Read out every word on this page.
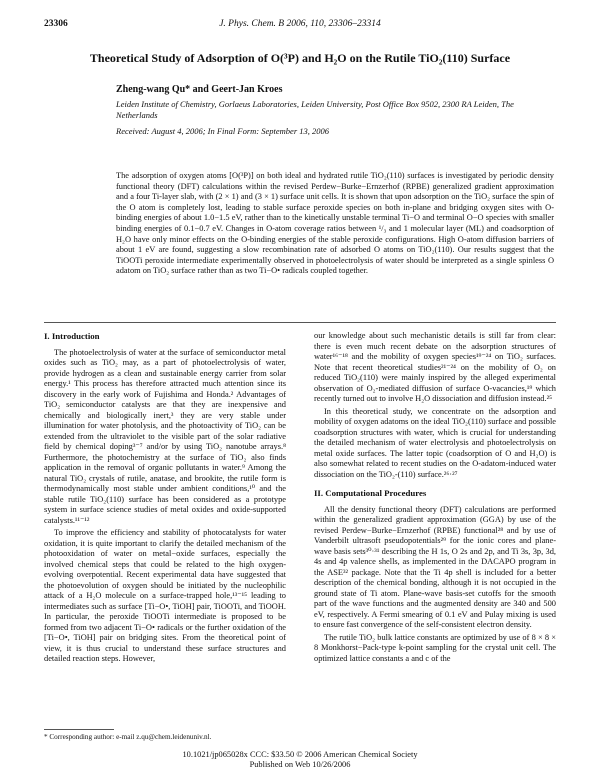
23306	J. Phys. Chem. B 2006, 110, 23306–23314
Theoretical Study of Adsorption of O(³P) and H₂O on the Rutile TiO₂(110) Surface
Zheng-wang Qu* and Geert-Jan Kroes
Leiden Institute of Chemistry, Gorlaeus Laboratories, Leiden University, Post Office Box 9502, 2300 RA Leiden, The Netherlands
Received: August 4, 2006; In Final Form: September 13, 2006
The adsorption of oxygen atoms [O(³P)] on both ideal and hydrated rutile TiO₂(110) surfaces is investigated by periodic density functional theory (DFT) calculations within the revised Perdew−Burke−Ernzerhof (RPBE) generalized gradient approximation and a four Ti-layer slab, with (2 × 1) and (3 × 1) surface unit cells. It is shown that upon adsorption on the TiO₂ surface the spin of the O atom is completely lost, leading to stable surface peroxide species on both in-plane and bridging oxygen sites with O-binding energies of about 1.0−1.5 eV, rather than to the kinetically unstable terminal Ti−O and terminal O−O species with smaller binding energies of 0.1−0.7 eV. Changes in O-atom coverage ratios between ¹/₃ and 1 molecular layer (ML) and coadsorption of H₂O have only minor effects on the O-binding energies of the stable peroxide configurations. High O-atom diffusion barriers of about 1 eV are found, suggesting a slow recombination rate of adsorbed O atoms on TiO₂(110). Our results suggest that the TiOOTi peroxide intermediate experimentally observed in photoelectrolysis of water should be interpreted as a single spinless O adatom on TiO₂ surface rather than as two Ti−O• radicals coupled together.
I. Introduction

The photoelectrolysis of water at the surface of semiconductor metal oxides such as TiO₂ may, as a part of photoelectrolysis of water, provide hydrogen as a clean and sustainable energy carrier from solar energy.¹ This process has therefore attracted much attention since its discovery in the early work of Fujishima and Honda.² Advantages of TiO₂ semiconductor catalysts are that they are inexpensive and chemically and biologically inert,³ they are very stable under illumination for water photolysis, and the photoactivity of TiO₂ can be extended from the ultraviolet to the visible part of the solar radiative field by chemical doping³⁻⁷ and/or by using TiO₂ nanotube arrays.⁸ Furthermore, the photochemistry at the surface of TiO₂ also finds application in the removal of organic pollutants in water.⁹ Among the natural TiO₂ crystals of rutile, anatase, and brookite, the rutile form is thermodynamically most stable under ambient conditions,¹⁰ and the stable rutile TiO₂(110) surface has been considered as a prototype system in surface science studies of metal oxides and oxide-supported catalysts.¹¹⁻¹²

To improve the efficiency and stability of photocatalysts for water oxidation, it is quite important to clarify the detailed mechanism of the photooxidation of water on metal−oxide surfaces, especially the involved chemical steps that could be related to the high oxygen-evolving overpotential. Recent experimental data have suggested that the photoevolution of oxygen should be initiated by the nucleophilic attack of a H₂O molecule on a surface-trapped hole,¹³⁻¹⁵ leading to intermediates such as surface [Ti−O•, TiOH] pair, TiOOTi, and TiOOH. In particular, the peroxide TiOOTi intermediate is proposed to be formed from two adjacent Ti−O• radicals or the further oxidation of the [Ti−O•, TiOH] pair on bridging sites. From the theoretical point of view, it is thus crucial to understand these surface structures and detailed reaction steps. However,

our knowledge about such mechanistic details is still far from clear: there is even much recent debate on the adsorption structures of water¹⁶⁻¹⁸ and the mobility of oxygen species¹⁹⁻²⁴ on TiO₂ surfaces. Note that recent theoretical studies²¹⁻²⁴ on the mobility of O₂ on reduced TiO₂(110) were mainly inspired by the alleged experimental observation of O₂-mediated diffusion of surface O-vacancies,¹⁹ which recently turned out to involve H₂O dissociation and diffusion instead.²⁵

In this theoretical study, we concentrate on the adsorption and mobility of oxygen adatoms on the ideal TiO₂(110) surface and possible coadsorption structures with water, which is crucial for understanding the detailed mechanism of water electrolysis and photoelectrolysis on metal oxide surfaces. The latter topic (coadsorption of O and H₂O) is also somewhat related to recent studies on the O-adatom-induced water dissociation on the TiO₂-(110) surface.²⁶·²⁷

II. Computational Procedures

All the density functional theory (DFT) calculations are performed within the generalized gradient approximation (GGA) by use of the revised Perdew−Burke−Ernzerhof (RPBE) functional²⁸ and by use of Vanderbilt ultrasoft pseudopotentials²⁹ for the ionic cores and plane-wave basis sets³⁰·³¹ describing the H 1s, O 2s and 2p, and Ti 3s, 3p, 3d, 4s and 4p valence shells, as implemented in the DACAPO program in the ASE³² package. Note that the Ti 4p shell is included for a better description of the chemical bonding, although it is not occupied in the ground state of Ti atom. Plane-wave basis-set cutoffs for the smooth part of the wave functions and the augmented density are 340 and 500 eV, respectively. A Fermi smearing of 0.1 eV and Pulay mixing is used to ensure fast convergence of the self-consistent electron density.

The rutile TiO₂ bulk lattice constants are optimized by use of 8 × 8 × 8 Monkhorst−Pack-type k-point sampling for the crystal unit cell. The optimized lattice constants a and c of the

* Corresponding author: e-mail z.qu@chem.leidenuniv.nl.
10.1021/jp065028x CCC: $33.50 © 2006 American Chemical Society
Published on Web 10/26/2006
